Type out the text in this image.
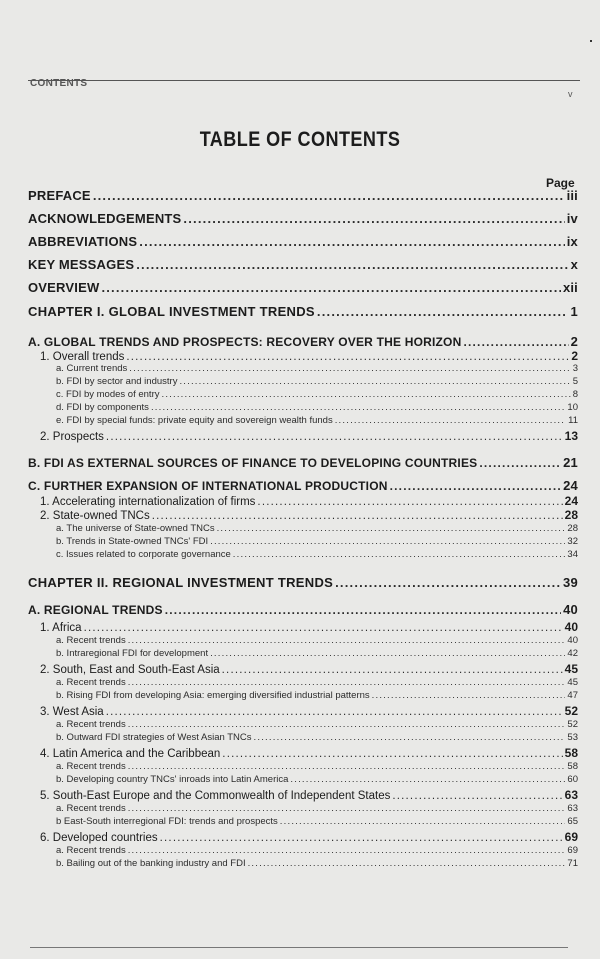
CONTENTS
v
TABLE OF CONTENTS
Page
PREFACE .....	iii
ACKNOWLEDGEMENTS .....	iv
ABBREVIATIONS .....	ix
KEY MESSAGES .....	x
OVERVIEW .....	xii
CHAPTER I. GLOBAL INVESTMENT TRENDS .....	1
A. GLOBAL TRENDS AND PROSPECTS: RECOVERY OVER THE HORIZON .....	2
1. Overall trends .....	2
a. Current trends .....	3
b. FDI by sector and industry .....	5
c. FDI by modes of entry .....	8
d. FDI by components .....	10
e. FDI by special funds: private equity and sovereign wealth funds .....	11
2. Prospects .....	13
B. FDI AS EXTERNAL SOURCES OF FINANCE TO DEVELOPING COUNTRIES .....	21
C. FURTHER EXPANSION OF INTERNATIONAL PRODUCTION .....	24
1. Accelerating internationalization of firms .....	24
2. State-owned TNCs .....	28
a. The universe of State-owned TNCs .....	28
b. Trends in State-owned TNCs' FDI .....	32
c. Issues related to corporate governance .....	34
CHAPTER II. REGIONAL INVESTMENT TRENDS .....	39
A. REGIONAL TRENDS .....	40
1. Africa .....	40
a. Recent trends .....	40
b. Intraregional FDI for development .....	42
2. South, East and South-East Asia .....	45
a. Recent trends .....	45
b. Rising FDI from developing Asia: emerging diversified industrial patterns .....	47
3. West Asia .....	52
a. Recent trends .....	52
b. Outward FDI strategies of West Asian TNCs .....	53
4. Latin America and the Caribbean .....	58
a. Recent trends .....	58
b. Developing country TNCs' inroads into Latin America .....	60
5. South-East Europe and the Commonwealth of Independent States .....	63
a. Recent trends .....	63
b East-South interregional FDI: trends and prospects .....	65
6. Developed countries .....	69
a. Recent trends .....	69
b. Bailing out of the banking industry and FDI .....	71
